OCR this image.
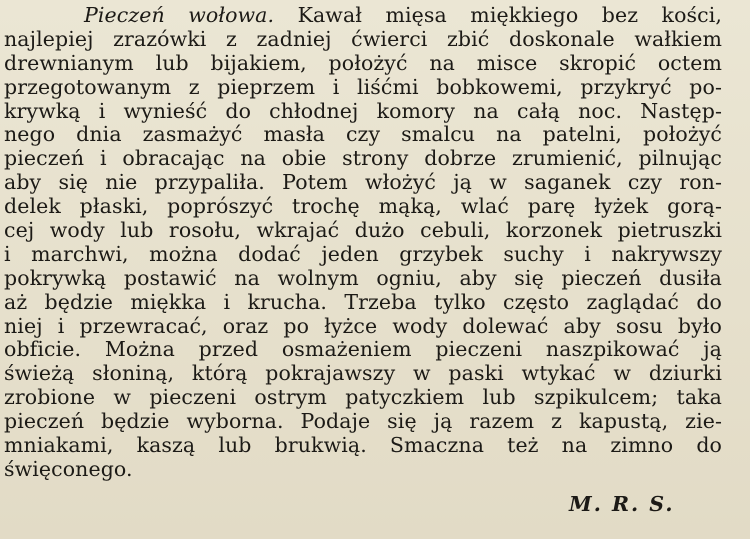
Pieczeń wołowa. Kawał mięsa miękkiego bez kości,
najlepiej zrazówki z zadniej ćwierci zbić doskonale wałkiem
drewnianym lub bijakiem, położyć na misce skropić octem
przegotowanym z pieprzem i liśćmi bobkowemi, przykryć po-
krywką i wynieść do chłodnej komory na całą noc. Następ-
nego dnia zasmażyć masła czy smalcu na patelni, położyć
pieczeń i obracając na obie strony dobrze zrumienić, pilnując
aby się nie przypaliła. Potem włożyć ją w saganek czy ron-
delek płaski, poprószyć trochę mąką, wlać parę łyżek gorą-
cej wody lub rosołu, wkrajać dużo cebuli, korzonek pietruszki
i marchwi, można dodać jeden grzybek suchy i nakrywszy
pokrywką postawić na wolnym ogniu, aby się pieczeń dusiła
aż będzie miękka i krucha. Trzeba tylko często zaglądać do
niej i przewracać, oraz po łyżce wody dolewać aby sosu było
obficie. Można przed osmażeniem pieczeni naszpikować ją
świeżą słoniną, którą pokrajawszy w paski wtykać w dziurki
zrobione w pieczeni ostrym patyczkiem lub szpikulcem; taka
pieczeń będzie wyborna. Podaje się ją razem z kapustą, zie-
mniakami, kaszą lub brukwią. Smaczna też na zimno do
święconego.
M. R. S.
